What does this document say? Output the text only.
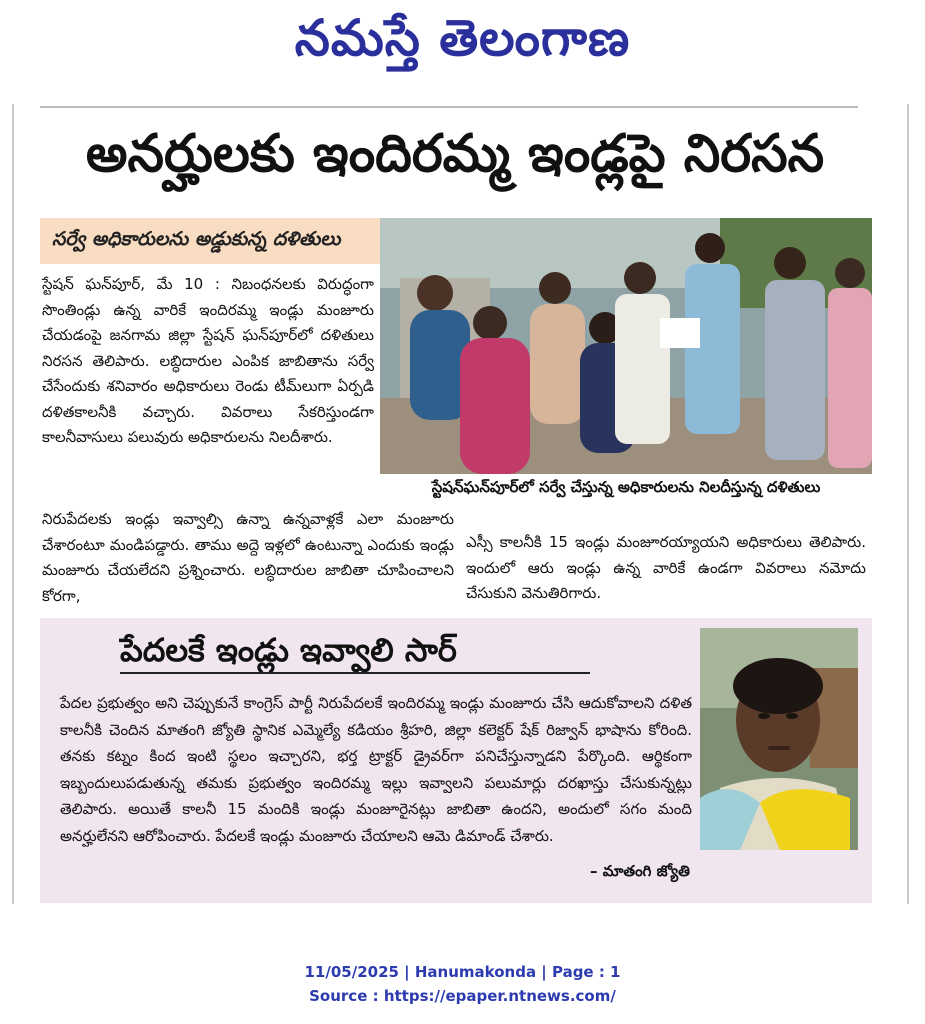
నమస్తే తెలంగాణ
అనర్హులకు ఇందిరమ్మ ఇండ్లపై నిరసన
సర్వే అధికారులను అడ్డుకున్న దళితులు
స్టేషన్‌ఘన్‌పూర్‌లో సర్వే చేస్తున్న అధికారులను నిలదీస్తున్న దళితులు

స్టేషన్ ఘన్‌పూర్, మే 10 : నిబంధనలకు విరుద్ధంగా సొంతిండ్లు ఉన్న వారికే ఇందిరమ్మ ఇండ్లు మంజూరు చేయడంపై జనగామ జిల్లా స్టేషన్ ఘన్‌పూర్‌లో దళితులు నిరసన తెలిపారు. లబ్ధిదారుల ఎంపిక జాబితాను సర్వే చేసేందుకు శనివారం అధికారులు రెండు టీమ్‌లుగా ఏర్పడి దళితకాలనీకి వచ్చారు. వివరాలు సేకరిస్తుండగా కాలనీవాసులు పలువురు అధికారులను నిలదీశారు.

నిరుపేదలకు ఇండ్లు ఇవ్వాల్సి ఉన్నా ఉన్నవాళ్లకే ఎలా మంజూరు చేశారంటూ మండిపడ్డారు. తాము అద్దె ఇళ్లలో ఉంటున్నా ఎందుకు ఇండ్లు మంజూరు చేయలేదని ప్రశ్నించారు. లబ్ధిదారుల జాబితా చూపించాలని కోరగా,
ఎస్సీ కాలనీకి 15 ఇండ్లు మంజూరయ్యాయని అధికారులు తెలిపారు. ఇందులో ఆరు ఇండ్లు ఉన్న వారికే ఉండగా వివరాలు నమోదు చేసుకుని వెనుతిరిగారు.
పేదలకే ఇండ్లు ఇవ్వాలి సార్
పేదల ప్రభుత్వం అని చెప్పుకునే కాంగ్రెస్ పార్టీ నిరుపేదలకే ఇందిరమ్మ ఇండ్లు మంజూరు చేసి ఆదుకోవాలని దళిత కాలనీకి చెందిన మాతంగి జ్యోతి స్థానిక ఎమ్మెల్యే కడియం శ్రీహరి, జిల్లా కలెక్టర్ షేక్ రిజ్వాన్ భాషాను కోరింది. తనకు కట్నం కింద ఇంటి స్థలం ఇచ్చారని, భర్త ట్రాక్టర్ డ్రైవర్‌గా పనిచేస్తున్నాడని పేర్కొంది. ఆర్థికంగా ఇబ్బందులుపడుతున్న తమకు ప్రభుత్వం ఇందిరమ్మ ఇల్లు ఇవ్వాలని పలుమార్లు దరఖాస్తు చేసుకున్నట్లు తెలిపారు. అయితే కాలనీ 15 మందికి ఇండ్లు మంజూరైనట్లు జాబితా ఉందని, అందులో సగం మంది అనర్హులేనని ఆరోపించారు. పేదలకే ఇండ్లు మంజూరు చేయాలని ఆమె డిమాండ్ చేశారు.
– మాతంగి జ్యోతి
11/05/2025 | Hanumakonda | Page : 1
Source : https://epaper.ntnews.com/
